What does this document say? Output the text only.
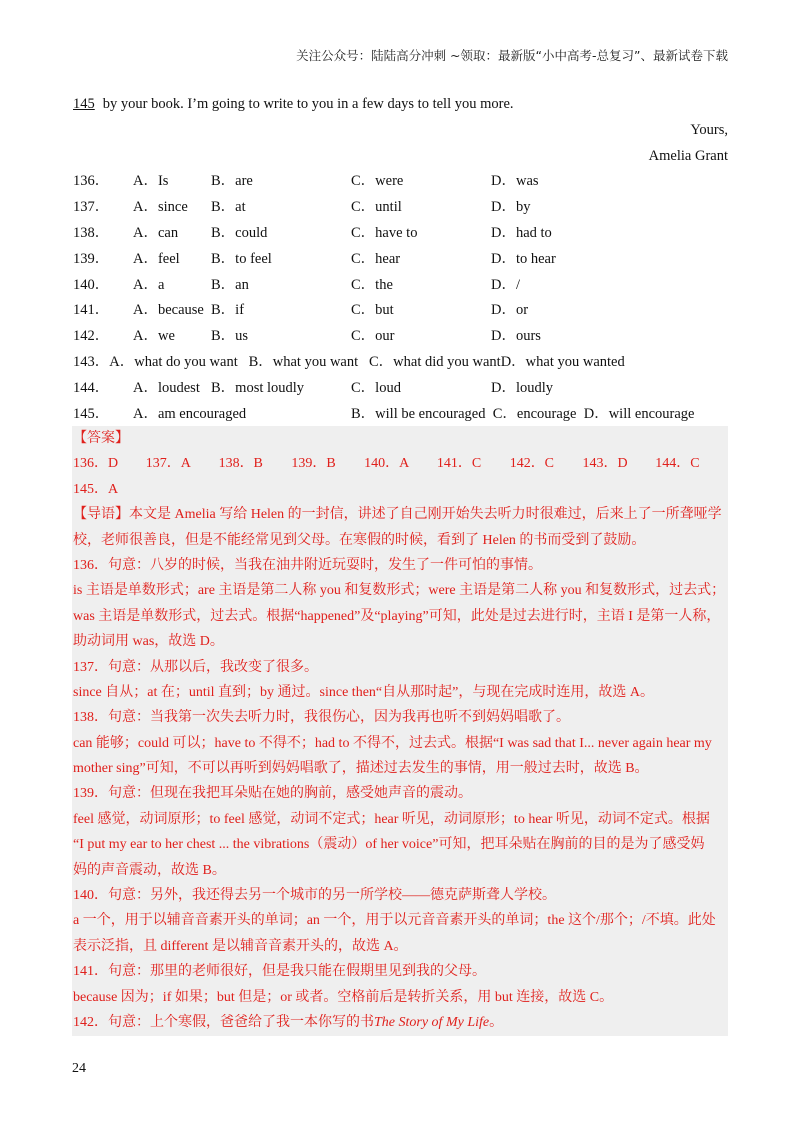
关注公众号：陆陆高分冲刺 ~领取：最新版“小中高考-总复习”、最新试卷下载
145 by your book. I’m going to write to you in a few days to tell you more.
Yours,
Amelia Grant
136．	A．Is	B．are	C．were	D．was
137．	A．since	B．at	C．until	D．by
138．	A．can	B．could	C．have to	D．had to
139．	A．feel	B．to feel	C．hear	D．to hear
140．	A．a	B．an	C．the	D．/
141．	A．because B．if	C．but	D．or
142．	A．we	B．us	C．our	D．ours
143．A．what do you want   B．what you want   C．what did you wantD．what you wanted
144．	A．loudest B．most loudly	C．loud	D．loudly
145．	A．am encouraged	B．will be encouraged  C．encourage  D．will encourage
【答案】
136．D	137．A	138．B	139．B	140．A	141．C	142．C	143．D	144．C
145．A
【导语】本文是 Amelia 写给 Helen 的一封信，讲述了自己刚开始失去听力时很难过，后来上了一所聋哑学
校，老师很善良，但是不能经常见到父母。在寒假的时候，看到了 Helen 的书而受到了鼓励。
136．句意：八岁的时候，当我在油井附近玩耍时，发生了一件可怕的事情。
is 主语是单数形式；are 主语是第二人称 you 和复数形式；were 主语是第二人称 you 和复数形式，过去式；
was 主语是单数形式，过去式。根据“happened”及“playing”可知，此处是过去进行时，主语 I 是第一人称，
助动词用 was，故选 D。
137．句意：从那以后，我改变了很多。
since 自从；at 在；until 直到；by 通过。since then“自从那时起”，与现在完成时连用，故选 A。
138．句意：当我第一次失去听力时，我很伤心，因为我再也听不到妈妈唱歌了。
can 能够；could 可以；have to 不得不；had to 不得不，过去式。根据“I was sad that I... never again hear my
mother sing”可知，不可以再听到妈妈唱歌了，描述过去发生的事情，用一般过去时，故选 B。
139．句意：但现在我把耳朵贴在她的胸前，感受她声音的震动。
feel 感觉，动词原形；to feel 感觉，动词不定式；hear 听见，动词原形；to hear 听见，动词不定式。根据
“I put my ear to her chest ... the vibrations（震动）of her voice”可知，把耳朵贴在胸前的目的是为了感受妈
妈的声音震动，故选 B。
140．句意：另外，我还得去另一个城市的另一所学校——德克萨斯聋人学校。
a 一个，用于以辅音音素开头的单词；an 一个，用于以元音音素开头的单词；the 这个/那个；/不填。此处
表示泛指，且 different 是以辅音音素开头的，故选 A。
141．句意：那里的老师很好，但是我只能在假期里见到我的父母。
because 因为；if 如果；but 但是；or 或者。空格前后是转折关系，用 but 连接，故选 C。
142．句意：上个寒假，爸爸给了我一本你写的书The Story of My Life。
24
